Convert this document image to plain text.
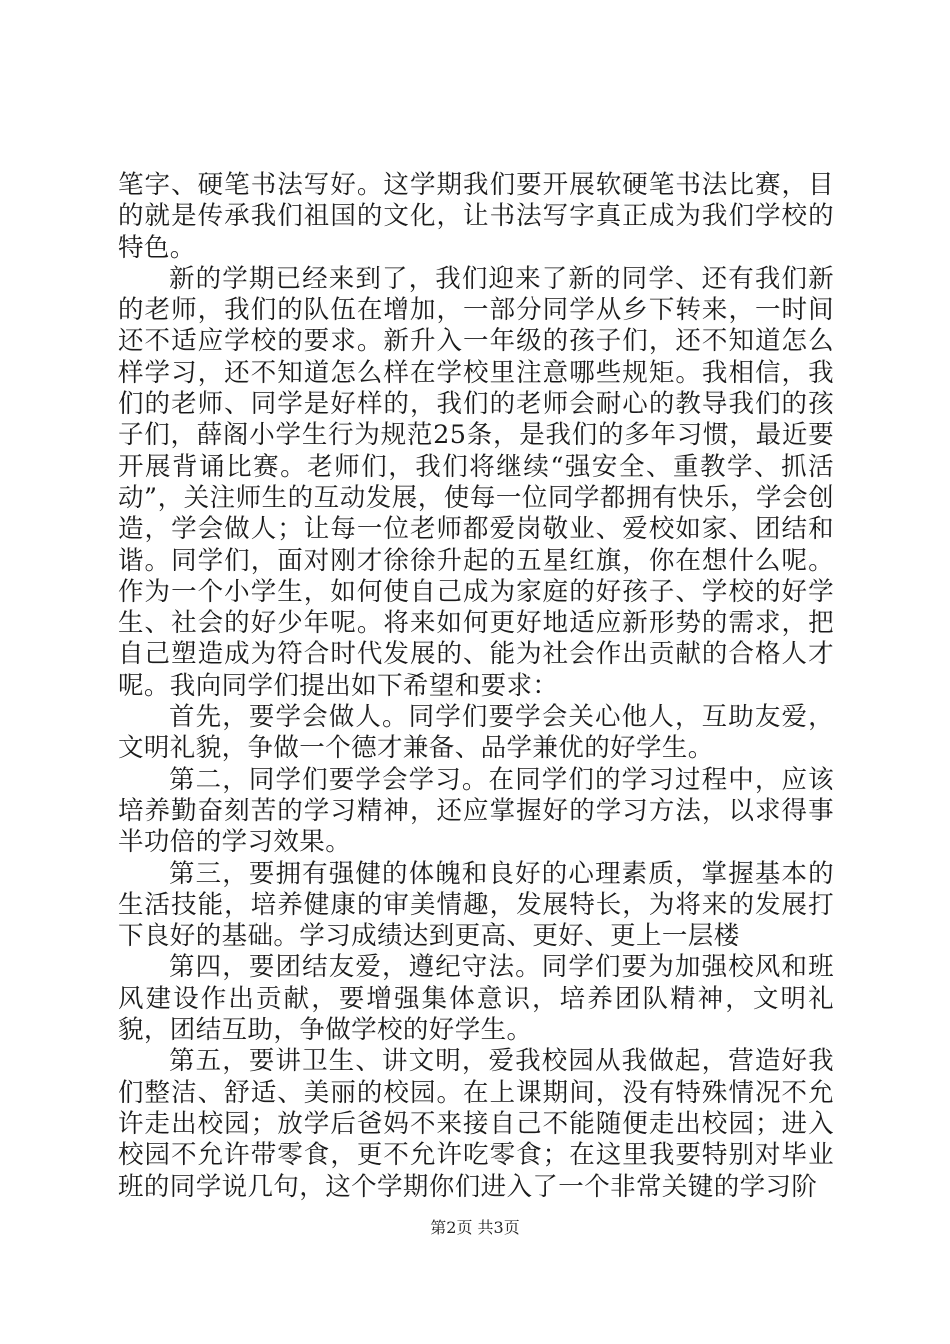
笔字、硬笔书法写好。这学期我们要开展软硬笔书法比赛，目的就是传承我们祖国的文化，让书法写字真正成为我们学校的特色。

新的学期已经来到了，我们迎来了新的同学、还有我们新的老师，我们的队伍在增加，一部分同学从乡下转来，一时间还不适应学校的要求。新升入一年级的孩子们，还不知道怎么样学习，还不知道怎么样在学校里注意哪些规矩。我相信，我们的老师、同学是好样的，我们的老师会耐心的教导我们的孩子们，薛阁小学生行为规范25条，是我们的多年习惯，最近要开展背诵比赛。老师们，我们将继续“强安全、重教学、抓活动”，关注师生的互动发展，使每一位同学都拥有快乐，学会创造，学会做人；让每一位老师都爱岗敬业、爱校如家、团结和谐。同学们，面对刚才徐徐升起的五星红旗，你在想什么呢。作为一个小学生，如何使自己成为家庭的好孩子、学校的好学生、社会的好少年呢。将来如何更好地适应新形势的需求，把自己塑造成为符合时代发展的、能为社会作出贡献的合格人才呢。我向同学们提出如下希望和要求：

首先，要学会做人。同学们要学会关心他人，互助友爱，文明礼貌，争做一个德才兼备、品学兼优的好学生。

第二，同学们要学会学习。在同学们的学习过程中，应该培养勤奋刻苦的学习精神，还应掌握好的学习方法，以求得事半功倍的学习效果。

第三，要拥有强健的体魄和良好的心理素质，掌握基本的生活技能，培养健康的审美情趣，发展特长，为将来的发展打下良好的基础。学习成绩达到更高、更好、更上一层楼

第四，要团结友爱，遵纪守法。同学们要为加强校风和班风建设作出贡献，要增强集体意识，培养团队精神，文明礼貌，团结互助，争做学校的好学生。

第五，要讲卫生、讲文明，爱我校园从我做起，营造好我们整洁、舒适、美丽的校园。在上课期间，没有特殊情况不允许走出校园；放学后爸妈不来接自己不能随便走出校园；进入校园不允许带零食，更不允许吃零食；在这里我要特别对毕业班的同学说几句，这个学期你们进入了一个非常关键的学习阶

第2页 共3页
